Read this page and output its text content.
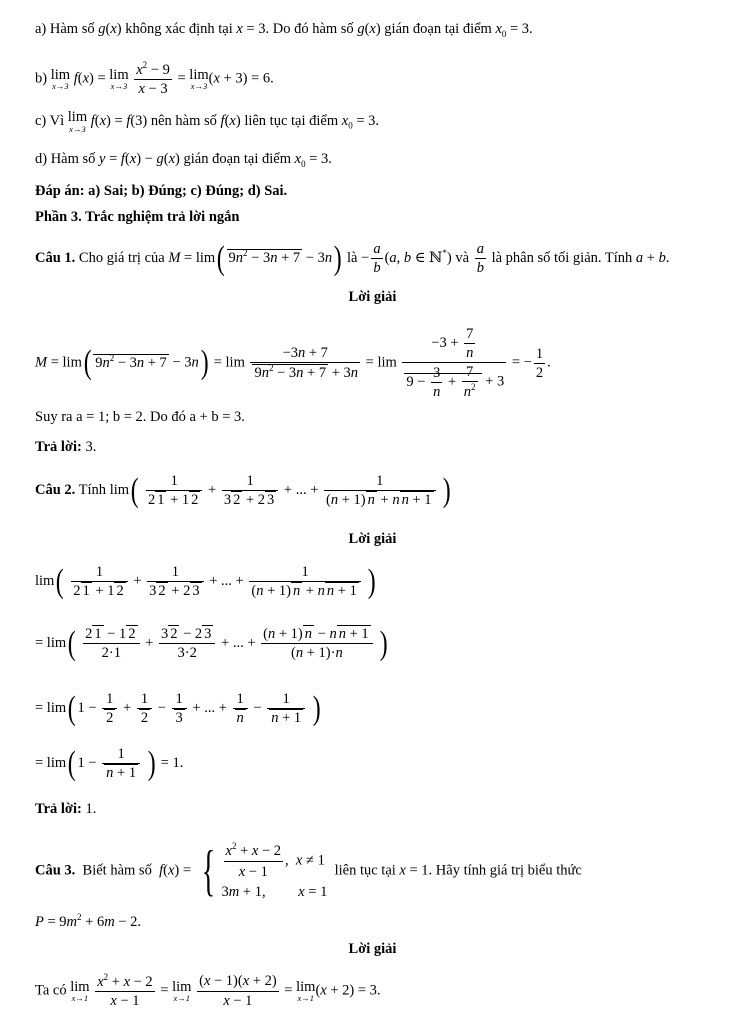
a) Hàm số g(x) không xác định tại x = 3. Do đó hàm số g(x) gián đoạn tại điểm $x_0 = 3$.
b) lim
x→3 f(x) = lim
x→3
$\frac{x^2 - 9}{x - 3} = \lim$
x→3 (x + 3) = 6.
c) Vì lim
x→3 f(x) = f(3) nên hàm số f(x) liên tục tại điểm $x_0 = 3$.
d) Hàm số y = f(x) − g(x) gián đoạn tại điểm $x_0 = 3$.
Đáp án: a) Sai; b) Đúng; c) Đúng; d) Sai.
Phần 3. Trắc nghiệm trả lời ngắn
Câu 1. Cho giá trị của M = lim( $9n^2 - 3n + 7 - 3n$) là − $\frac{a}{b} (a$, b ∈ ℕ*) và $\frac{a}{b}$ là phân số tối giản. Tính a + b.
Lời giải
M = lim( $9n^2 - 3n + 7 - 3n) = \lim \frac{-3n + 7}{9n^2 - 3n + 7 + 3n} = \lim \frac{-3 + \frac{7}{n}}{9 - \frac{3}{n} + \frac{7}{n^2} + 3}$ = − $\frac{1}{2}$ .
Suy ra a = 1; b = 2. Do đó a + b = 3.
Trả lời: 3.
Câu 2. Tính $\lim( \frac{1}{2 1 + 1 2} + \frac{1}{3 2 + 2 3}$ + ... + $\frac{1}{\text{(n + 1) n + n n + 1}}$ )
Lời giải
$\lim( \frac{1}{2 1 + 1 2} + \frac{1}{3 2 + 2 3}$ + ... + $\frac{1}{\text{(n + 1) n + n n + 1}}$ )
= $\lim( \frac{2 1 - 1 2}{2\cdot 1} + \frac{3 2 - 2 3}{3\cdot 2}$ + ... + $\frac{\text{(n + 1) n − n n + 1}}{(n + 1)\cdot n}$ )
= lim( $1 - \frac{1}{2} + \frac{1}{2} - \frac{1}{3}$ + ... + $\frac{1}{n} - \frac{1}{n + 1}$ )
= lim( $1 - \frac{1}{n + 1}$ ) = 1.
Trả lời: 1.
Câu 3. Biết hàm số f(x) = { $\frac{x^2 + x - 2}{x - 1}$ ,  x ≠ 1
3m + 1,         x = 1
liên tục tại x = 1. Hãy tính giá trị biểu thức
$P = 9m^2 + 6m - 2$.
Lời giải
Ta có lim
x→1
$\frac{x^2 + x - 2}{x - 1} = \lim$
x→1
$\frac{(x - 1)(x + 2)}{x - 1} = \lim$
x→1 (x + 2) = 3.
